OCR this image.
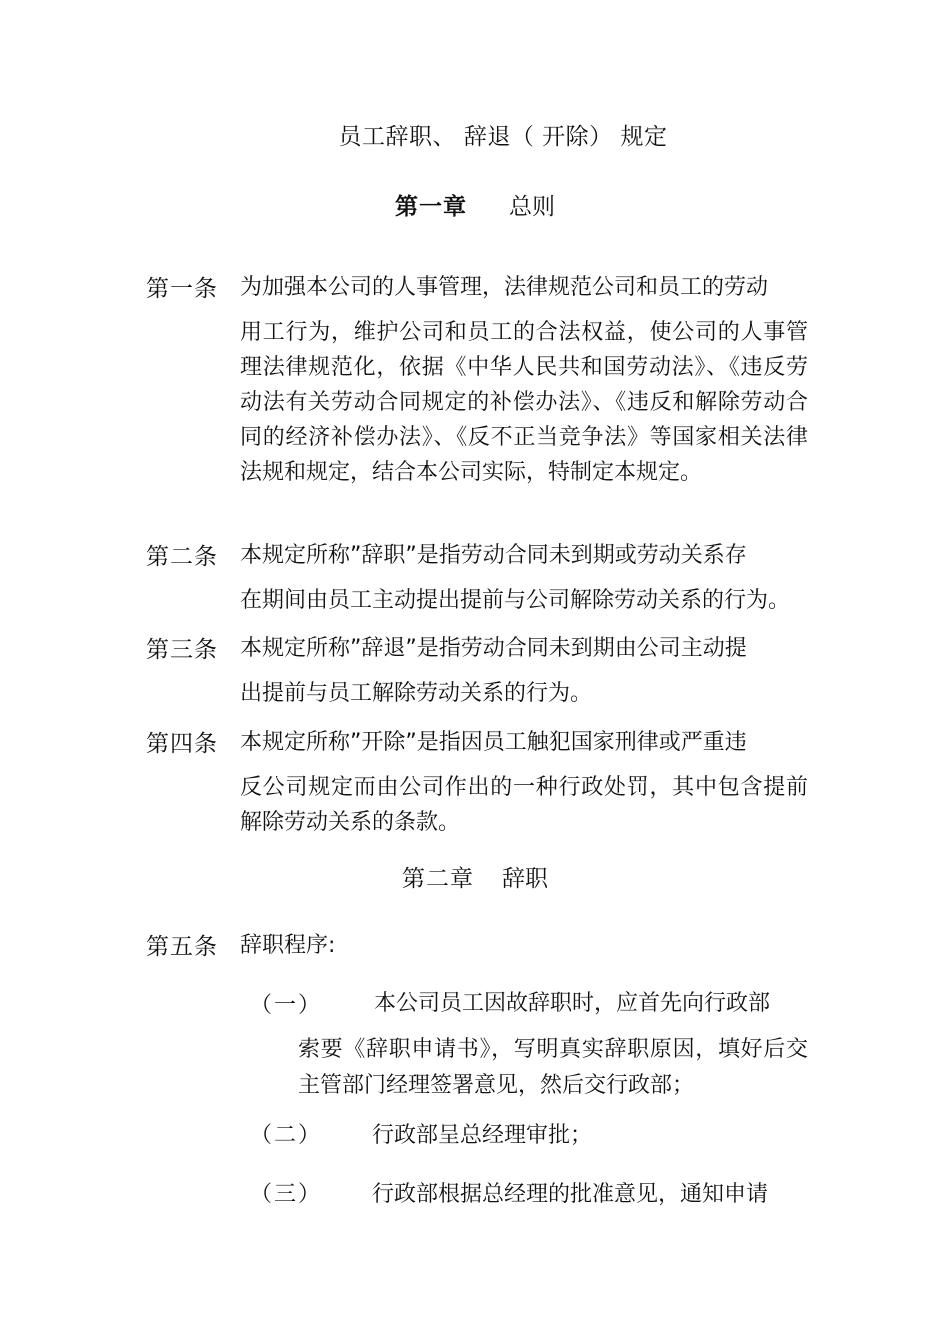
员工辞职、 辞退（ 开除） 规定
第一章 总则
第一条 为加强本公司的人事管理，法律规范公司和员工的劳动
用工行为，维护公司和员工的合法权益，使公司的人事管理法律规范化，依据《中华人民共和国劳动法》、《违反劳动法有关劳动合同规定的补偿办法》、《违反和解除劳动合同的经济补偿办法》、《反不正当竞争法》等国家相关法律法规和规定，结合本公司实际，特制定本规定。
第二条 本规定所称”辞职”是指劳动合同未到期或劳动关系存
在期间由员工主动提出提前与公司解除劳动关系的行为。
第三条 本规定所称”辞退”是指劳动合同未到期由公司主动提
出提前与员工解除劳动关系的行为。
第四条 本规定所称”开除”是指因员工触犯国家刑律或严重违
反公司规定而由公司作出的一种行政处罚，其中包含提前解除劳动关系的条款。
第二章 辞职
第五条 辞职程序:
（一）	本公司员工因故辞职时，应首先向行政部
索要《辞职申请书》，写明真实辞职原因，填好后交主管部门经理签署意见，然后交行政部；
（二） 行政部呈总经理审批；
（三） 行政部根据总经理的批准意见，通知申请
